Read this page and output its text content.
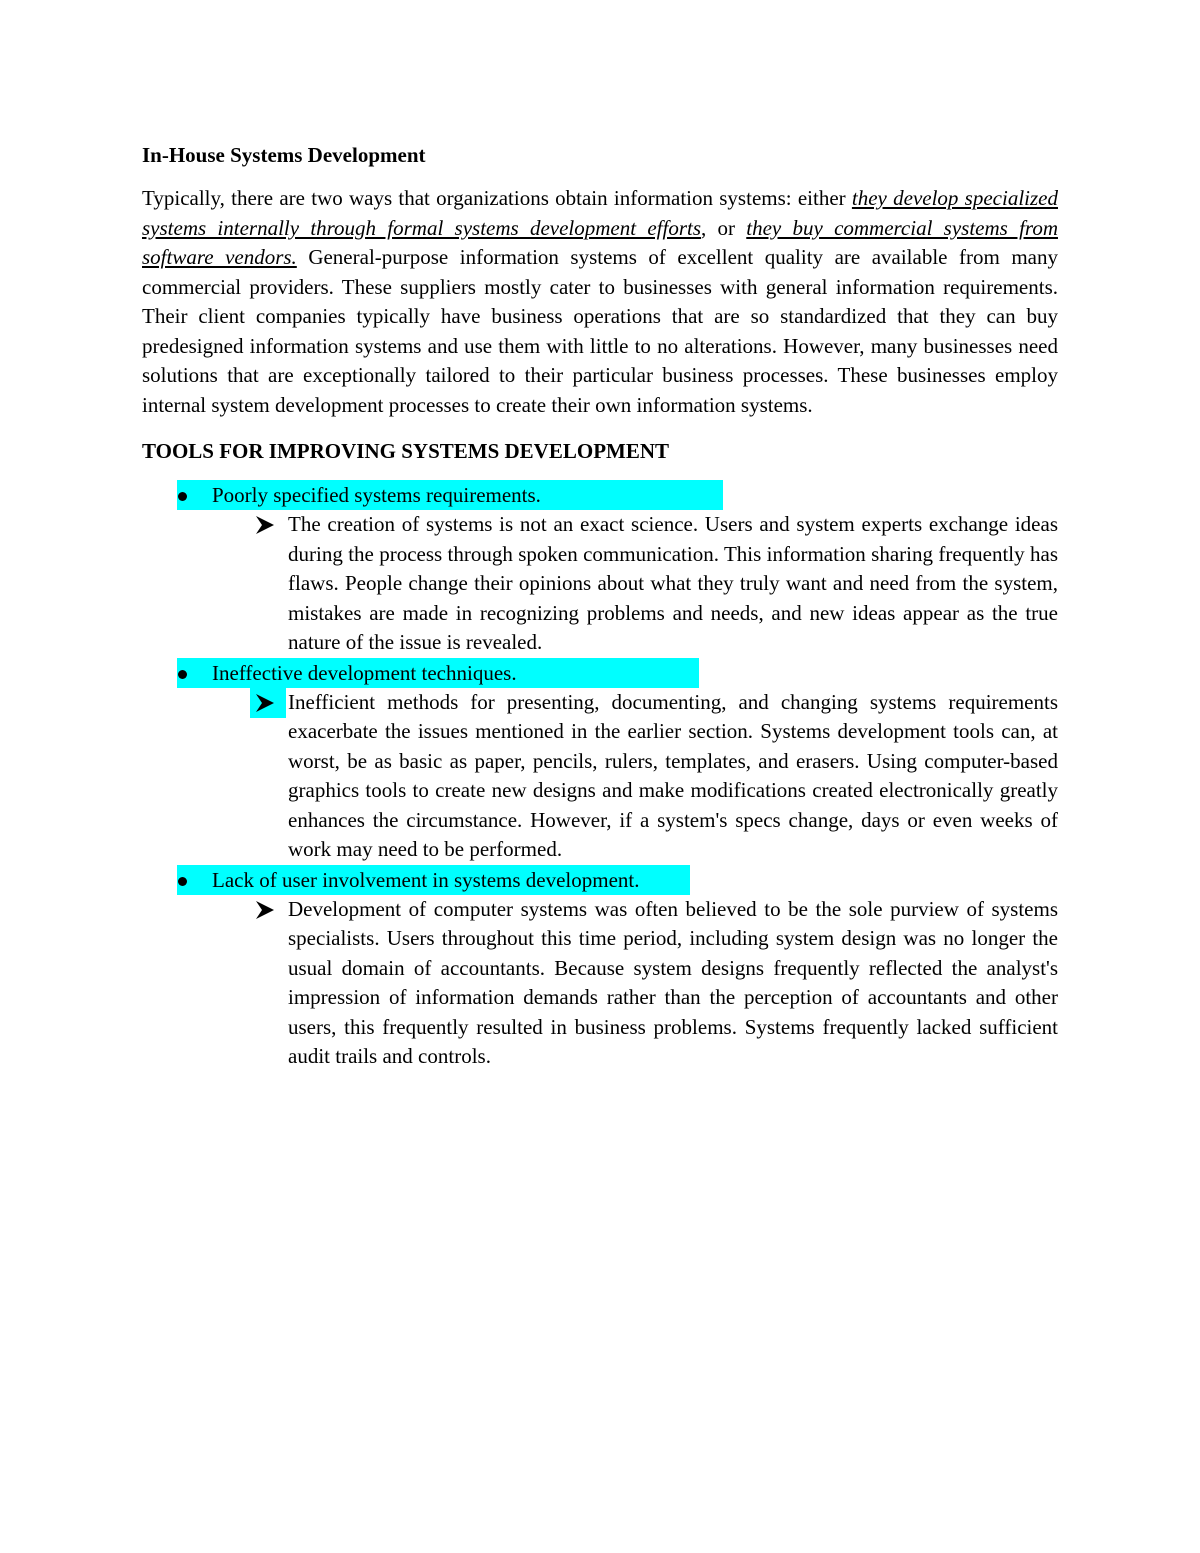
In-House Systems Development

Typically, there are two ways that organizations obtain information systems: either they develop specialized systems internally through formal systems development efforts, or they buy commercial systems from software vendors. General-purpose information systems of excellent quality are available from many commercial providers. These suppliers mostly cater to businesses with general information requirements. Their client companies typically have business operations that are so standardized that they can buy predesigned information systems and use them with little to no alterations. However, many businesses need solutions that are exceptionally tailored to their particular business processes. These businesses employ internal system development processes to create their own information systems.

TOOLS FOR IMPROVING SYSTEMS DEVELOPMENT
Poorly specified systems requirements.

The creation of systems is not an exact science. Users and system experts exchange ideas during the process through spoken communication. This information sharing frequently has flaws. People change their opinions about what they truly want and need from the system, mistakes are made in recognizing problems and needs, and new ideas appear as the true nature of the issue is revealed.

Ineffective development techniques.

Inefficient methods for presenting, documenting, and changing systems requirements exacerbate the issues mentioned in the earlier section. Systems development tools can, at worst, be as basic as paper, pencils, rulers, templates, and erasers. Using computer-based graphics tools to create new designs and make modifications created electronically greatly enhances the circumstance. However, if a system's specs change, days or even weeks of work may need to be performed.

Lack of user involvement in systems development.

Development of computer systems was often believed to be the sole purview of systems specialists. Users throughout this time period, including system design was no longer the usual domain of accountants. Because system designs frequently reflected the analyst's impression of information demands rather than the perception of accountants and other users, this frequently resulted in business problems. Systems frequently lacked sufficient audit trails and controls.
